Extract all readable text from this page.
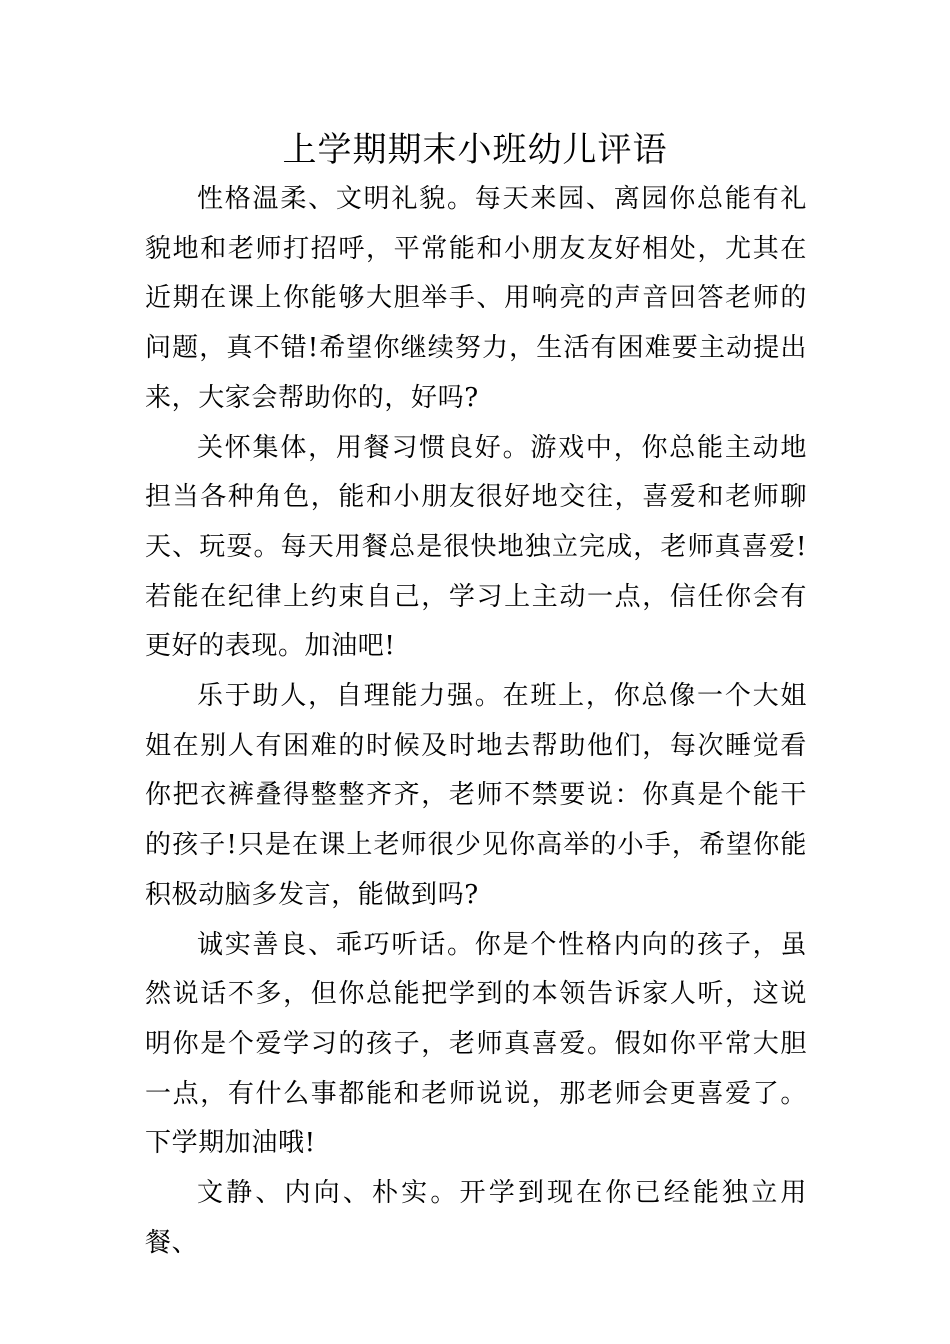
上学期期末小班幼儿评语

性格温柔、文明礼貌。每天来园、离园你总能有礼貌地和老师打招呼，平常能和小朋友友好相处，尤其在近期在课上你能够大胆举手、用响亮的声音回答老师的问题，真不错!希望你继续努力，生活有困难要主动提出来，大家会帮助你的，好吗?

关怀集体，用餐习惯良好。游戏中，你总能主动地担当各种角色，能和小朋友很好地交往，喜爱和老师聊天、玩耍。每天用餐总是很快地独立完成，老师真喜爱!若能在纪律上约束自己，学习上主动一点，信任你会有更好的表现。加油吧!

乐于助人，自理能力强。在班上，你总像一个大姐姐在别人有困难的时候及时地去帮助他们，每次睡觉看你把衣裤叠得整整齐齐，老师不禁要说：你真是个能干的孩子!只是在课上老师很少见你高举的小手，希望你能积极动脑多发言，能做到吗?

诚实善良、乖巧听话。你是个性格内向的孩子，虽然说话不多，但你总能把学到的本领告诉家人听，这说明你是个爱学习的孩子，老师真喜爱。假如你平常大胆一点，有什么事都能和老师说说，那老师会更喜爱了。下学期加油哦!

文静、内向、朴实。开学到现在你已经能独立用餐、
